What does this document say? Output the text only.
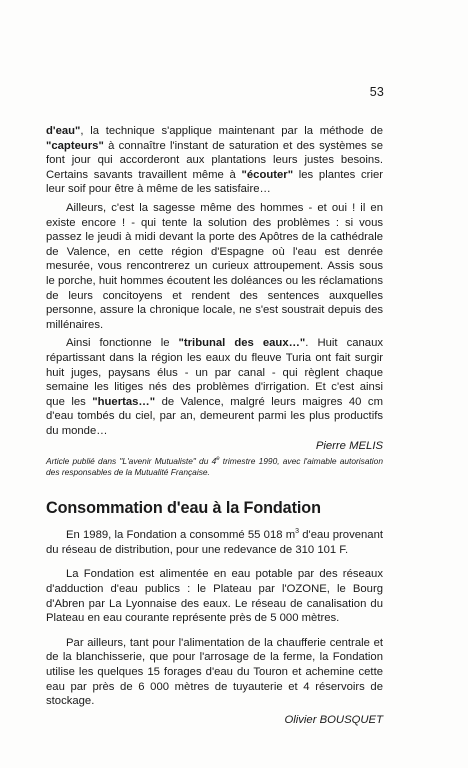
53

d'eau", la technique s'applique maintenant par la méthode de "capteurs" à connaître l'instant de saturation et des systèmes se font jour qui accorderont aux plantations leurs justes besoins. Certains savants travaillent même à "écouter" les plantes crier leur soif pour être à même de les satisfaire…

Ailleurs, c'est la sagesse même des hommes - et oui ! il en existe encore ! - qui tente la solution des problèmes : si vous passez le jeudi à midi devant la porte des Apôtres de la cathédrale de Valence, en cette région d'Espagne où l'eau est denrée mesurée, vous rencontrerez un curieux attroupement. Assis sous le porche, huit hommes écoutent les doléances ou les réclamations de leurs concitoyens et rendent des sentences auxquelles personne, assure la chronique locale, ne s'est soustrait depuis des millénaires.

Ainsi fonctionne le "tribunal des eaux…". Huit canaux répartissant dans la région les eaux du fleuve Turia ont fait surgir huit juges, paysans élus - un par canal - qui règlent chaque semaine les litiges nés des problèmes d'irrigation. Et c'est ainsi que les "huertas…" de Valence, malgré leurs maigres 40 cm d'eau tombés du ciel, par an, demeurent parmi les plus productifs du monde…

Pierre MELIS

Article publié dans "L'avenir Mutualiste" du 4e trimestre 1990, avec l'aimable autorisation des responsables de la Mutualité Française.

Consommation d'eau à la Fondation

En 1989, la Fondation a consommé 55 018 $m^3$ d'eau provenant du réseau de distribution, pour une redevance de 310 101 F.

La Fondation est alimentée en eau potable par des réseaux d'adduction d'eau publics : le Plateau par l'OZONE, le Bourg d'Abren par La Lyonnaise des eaux. Le réseau de canalisation du Plateau en eau courante représente près de 5 000 mètres.

Par ailleurs, tant pour l'alimentation de la chaufferie centrale et de la blanchisserie, que pour l'arrosage de la ferme, la Fondation utilise les quelques 15 forages d'eau du Touron et achemine cette eau par près de 6 000 mètres de tuyauterie et 4 réservoirs de stockage.

Olivier BOUSQUET
